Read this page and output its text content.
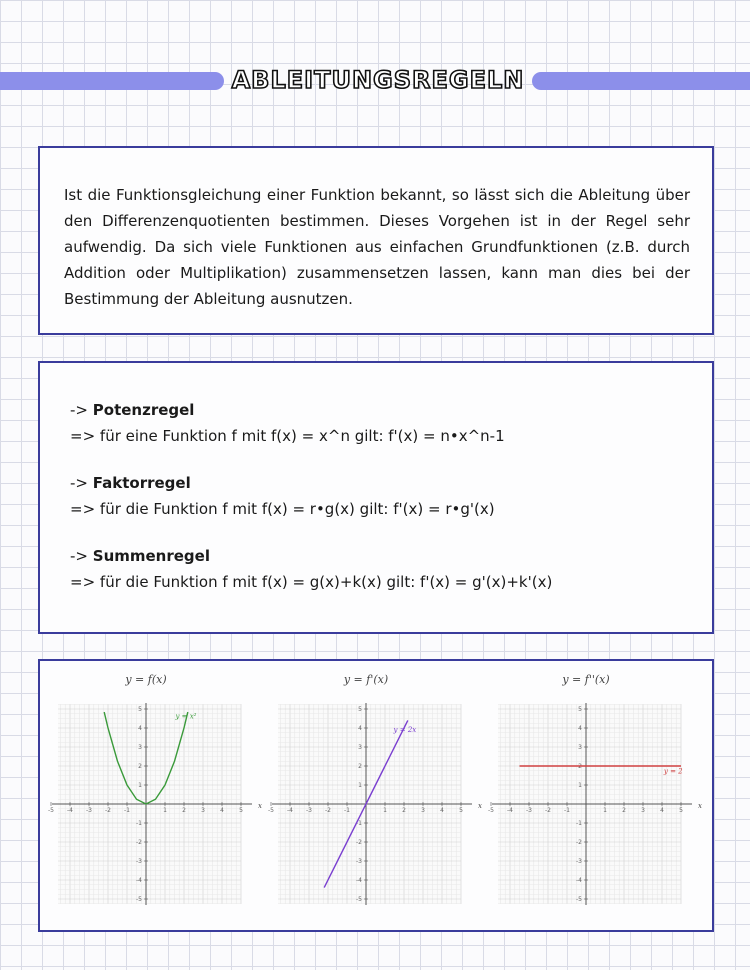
ABLEITUNGSREGELN

Ist die Funktionsgleichung einer Funktion bekannt, so lässt sich die Ableitung über den Differenzenquotienten bestimmen. Dieses Vorgehen ist in der Regel sehr aufwendig. Da sich viele Funktionen aus einfachen Grundfunktionen (z.B. durch Addition oder Multiplikation) zusammensetzen lassen, kann man dies bei der Bestimmung der Ableitung ausnutzen.

-> Potenzregel
=> für eine Funktion f mit f(x) = x^n gilt: f'(x) = n•x^n-1
-> Faktorregel
=> für die Funktion f mit f(x) = r•g(x) gilt: f'(x) = r•g'(x)
-> Summenregel
=> für die Funktion f mit f(x) = g(x)+k(x) gilt: f'(x) = g'(x)+k'(x)
y = f(x)
x
-5 -4 -3 -2 -1	1	2	3	4	5
-5
-4
-3
-2
-1
1
2
3
4
5
y = x²
y = f'(x)
x
-5 -4 -3 -2 -1	1	2	3	4	5
-5
-4
-3
-2
-1
1
2
3
4
5
y = 2x
y = f''(x)
x
-5 -4 -3 -2 -1	1	2	3	4	5
-5
-4
-3
-2
-1
1
2
3
4
5
y = 2
